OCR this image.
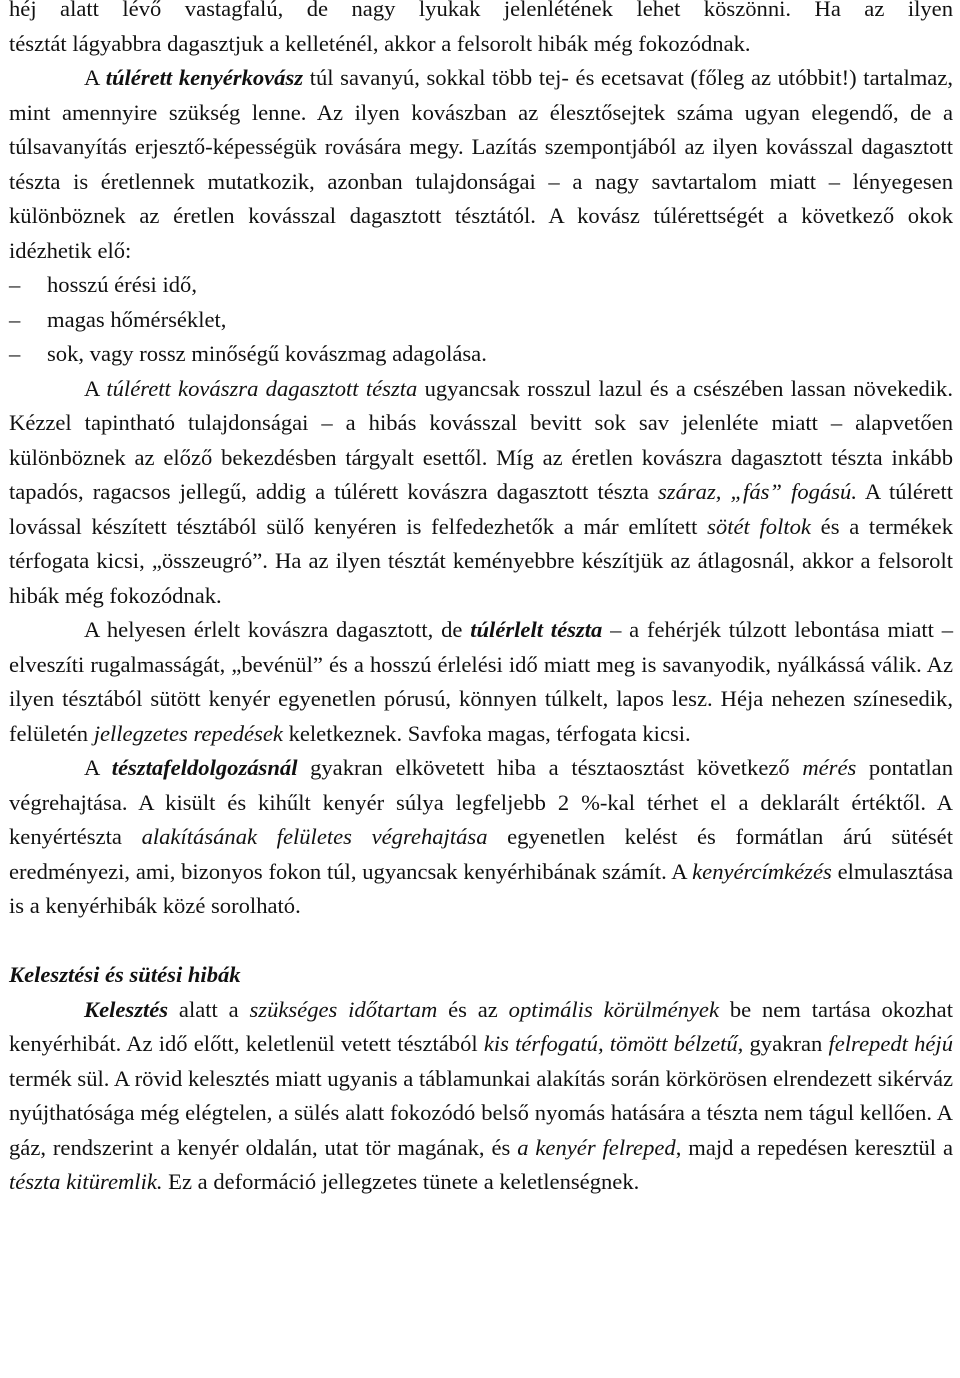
héj alatt lévő vastagfalú, de nagy lyukak jelenlétének lehet köszönni. Ha az ilyen
tésztát lágyabbra dagasztjuk a kelleténél, akkor a felsorolt hibák még fokozódnak.

A túlérett kenyérkovász túl savanyú, sokkal több tej- és ecetsavat (főleg az utóbbit!) tartalmaz, mint amennyire szükség lenne. Az ilyen kovászban az élesztősejtek száma ugyan elegendő, de a túlsavanyítás erjesztő-képességük rovására megy. Lazítás szempontjából az ilyen kovásszal dagasztott tészta is éretlennek mutatkozik, azonban tulajdonságai – a nagy savtartalom miatt – lényegesen különböznek az éretlen kovásszal dagasztott tésztától. A kovász túlérettségét a következő okok idézhetik elő:

– hosszú érési idő,
– magas hőmérséklet,
– sok, vagy rossz minőségű kovászmag adagolása.

A túlérett kovászra dagasztott tészta ugyancsak rosszul lazul és a csészében lassan növekedik. Kézzel tapintható tulajdonságai – a hibás kovásszal bevitt sok sav jelenléte miatt – alapvetően különböznek az előző bekezdésben tárgyalt esettől. Míg az éretlen kovászra dagasztott tészta inkább tapadós, ragacsos jellegű, addig a túlérett kovászra dagasztott tészta száraz, „fás” fogású. A túlérett lovással készített tésztából sülő kenyéren is felfedezhetők a már említett sötét foltok és a termékek térfogata kicsi, „összeugró”. Ha az ilyen tésztát keményebbre készítjük az átlagosnál, akkor a felsorolt hibák még fokozódnak.

A helyesen érlelt kovászra dagasztott, de túlérlelt tészta – a fehérjék túlzott lebontása miatt – elveszíti rugalmasságát, „bevénül” és a hosszú érlelési idő miatt meg is savanyodik, nyálkássá válik. Az ilyen tésztából sütött kenyér egyenetlen pórusú, könnyen túlkelt, lapos lesz. Héja nehezen színesedik, felületén jellegzetes repedések keletkeznek. Savfoka magas, térfogata kicsi.

A tésztafeldolgozásnál gyakran elkövetett hiba a tésztaosztást következő mérés pontatlan végrehajtása. A kisült és kihűlt kenyér súlya legfeljebb 2 %-kal térhet el a deklarált értéktől. A kenyértészta alakításának felületes végrehajtása egyenetlen kelést és formátlan árú sütését eredményezi, ami, bizonyos fokon túl, ugyancsak kenyérhibának számít. A kenyércímkézés elmulasztása is a kenyérhibák közé sorolható.

Kelesztési és sütési hibák

Kelesztés alatt a szükséges időtartam és az optimális körülmények be nem tartása okozhat kenyérhibát. Az idő előtt, keletlenül vetett tésztából kis térfogatú, tömött bélzetű, gyakran felrepedt héjú termék sül. A rövid kelesztés miatt ugyanis a táblamunkai alakítás során körkörösen elrendezett sikérváz nyújthatósága még elégtelen, a sülés alatt fokozódó belső nyomás hatására a tészta nem tágul kellően. A gáz, rendszerint a kenyér oldalán, utat tör magának, és a kenyér felreped, majd a repedésen keresztül a tészta kitüremlik. Ez a deformáció jellegzetes tünete a keletlenségnek.
